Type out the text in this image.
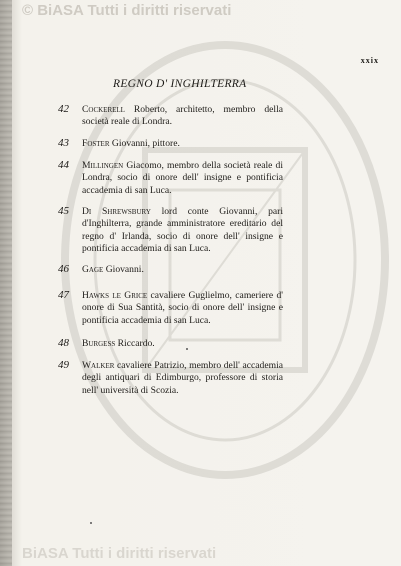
© BiASA Tutti i diritti riservati
BiASA Tutti i diritti riservati
xxix
REGNO D' INGHILTERRA
42 Cockerell Roberto, architetto, membro della società reale di Londra.
43 Foster Giovanni, pittore.
44 Millingen Giacomo, membro della società reale di Londra, socio di onore dell' insigne e pontificia accademia di san Luca.
45 Di Shrewsbury lord conte Giovanni, pari d'Inghilterra, grande amministratore ereditario del regno d' Irlanda, socio di onore dell' insigne e pontificia accademia di san Luca.
46 Gage Giovanni.
47 Hawks le Grice cavaliere Guglielmo, cameriere d' onore di Sua Santità, socio di onore dell' insigne e pontificia accademia di san Luca.
48 Burgess Riccardo.
49 Walker cavaliere Patrizio, membro dell' accademia degli antiquari di Edimburgo, professore di storia nell' università di Scozia.
